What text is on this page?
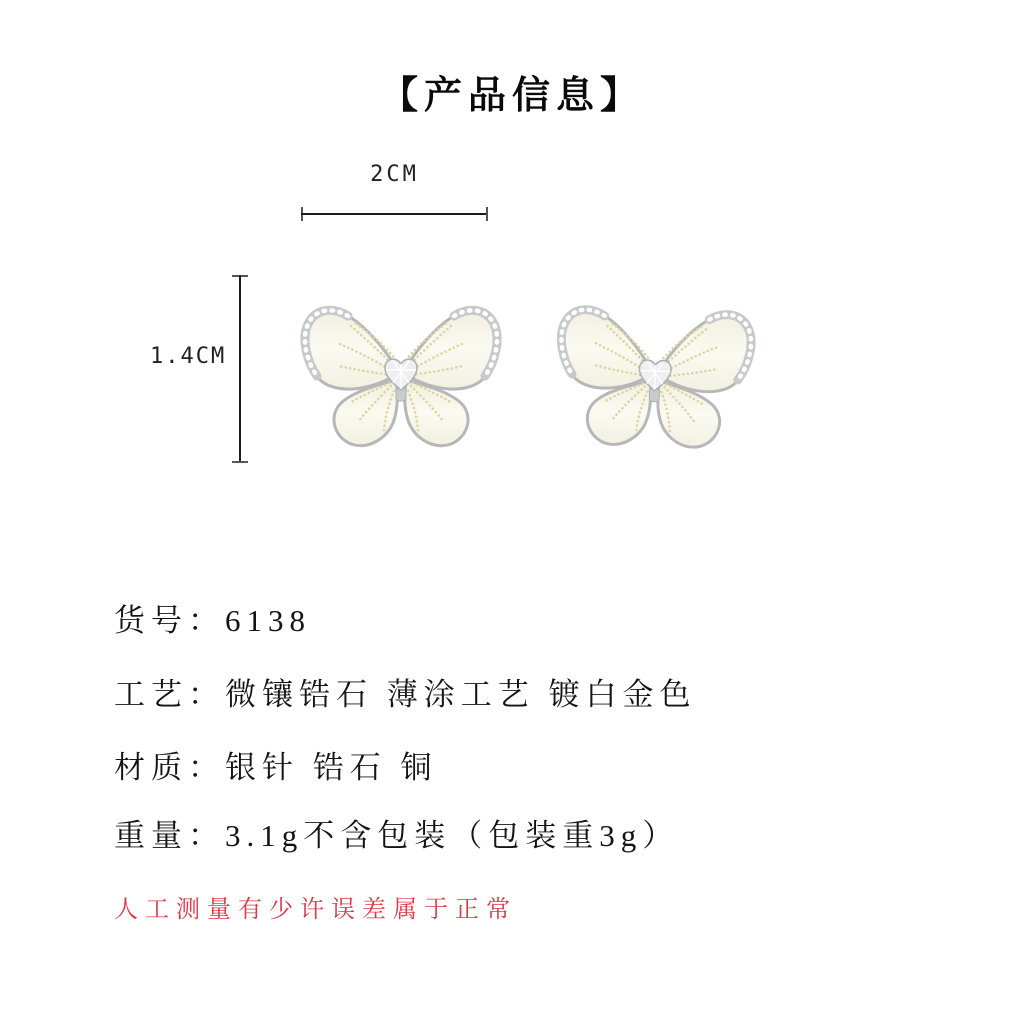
【产品信息】
2CM
1.4CM
货号：6138
工艺：微镶锆石 薄涂工艺 镀白金色
材质：银针 锆石 铜
重量：3.1g不含包装（包装重3g）
人工测量有少许误差属于正常
